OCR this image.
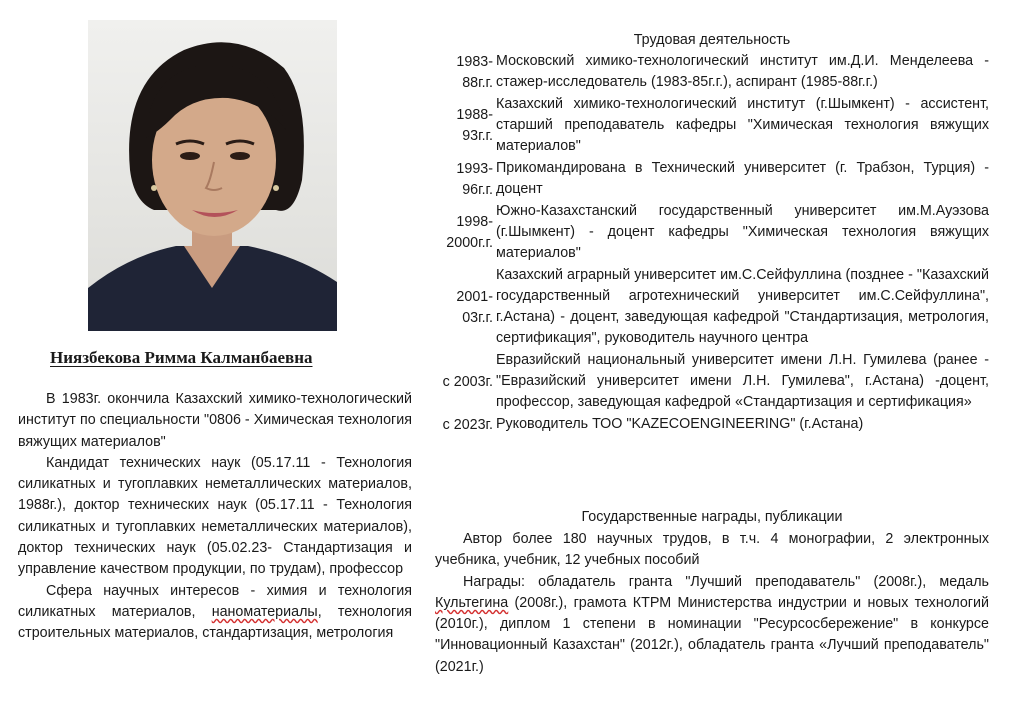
Ниязбекова Римма Калманбаевна

В 1983г. окончила Казахский химико-технологический институт по специальности "0806 - Химическая технология вяжущих материалов"

Кандидат технических наук (05.17.11 - Технология силикатных и тугоплавких неметаллических материалов, 1988г.), доктор технических наук (05.17.11 - Технология силикатных и тугоплавких неметаллических материалов), доктор технических наук (05.02.23- Стандартизация и управление качеством продукции, по трудам), профессор

Сфера научных интересов - химия и технология силикатных материалов, наноматериалы, технология строительных материалов, стандартизация, метрология

Трудовая деятельность
1983-88г.г.	Московский химико-технологический институт им.Д.И. Менделеева - стажер-исследователь (1983-85г.г.), аспирант (1985-88г.г.)
1988-93г.г.	Казахский химико-технологический институт (г.Шымкент) - ассистент, старший преподаватель кафедры "Химическая технология вяжущих материалов"
1993-96г.г.	Прикомандирована в Технический университет (г. Трабзон, Турция) - доцент
1998-2000г.г.	Южно-Казахстанский государственный университет им.М.Ауэзова (г.Шымкент) - доцент кафедры "Химическая технология вяжущих материалов"
2001-03г.г.	Казахский аграрный университет им.С.Сейфуллина (позднее - "Казахский государственный агротехнический университет им.С.Сейфуллина", г.Астана) - доцент, заведующая кафедрой "Стандартизация, метрология, сертификация", руководитель научного центра
с 2003г.	Евразийский национальный университет имени Л.Н. Гумилева (ранее - "Евразийский университет имени Л.Н. Гумилева", г.Астана) -доцент, профессор, заведующая кафедрой «Стандартизация и сертификация»
с 2023г.	Руководитель ТОО "KAZECOENGINEERING" (г.Астана)
Государственные награды, публикации

Автор более 180 научных трудов, в т.ч. 4 монографии, 2 электронных учебника, учебник, 12 учебных пособий

Награды: обладатель гранта "Лучший преподаватель" (2008г.), медаль Культегина (2008г.), грамота КТРМ Министерства индустрии и новых технологий (2010г.), диплом 1 степени в номинации "Ресурсосбережение" в конкурсе "Инновационный Казахстан" (2012г.), обладатель гранта «Лучший преподаватель" (2021г.)
